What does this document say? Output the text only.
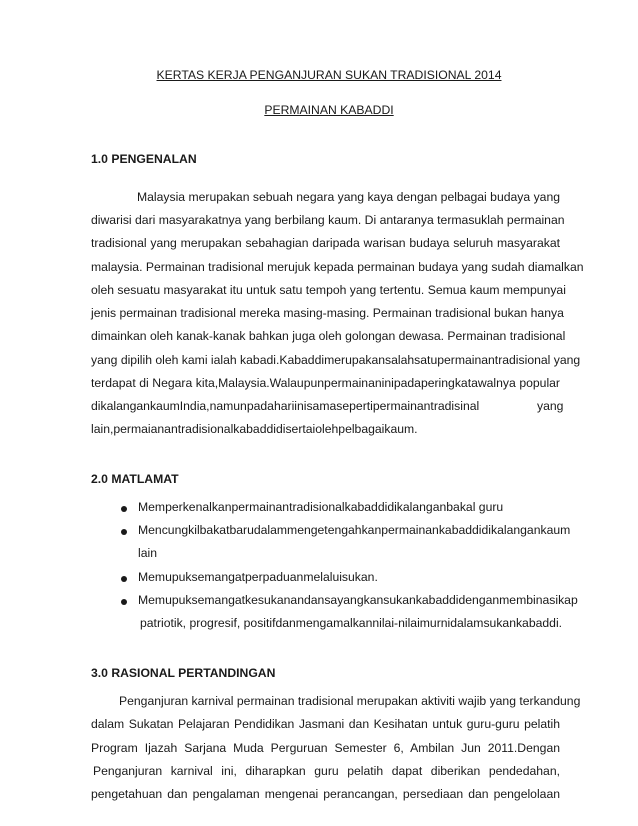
KERTAS KERJA PENGANJURAN SUKAN TRADISIONAL 2014
PERMAINAN KABADDI
1.0 PENGENALAN
Malaysia merupakan sebuah negara yang kaya dengan pelbagai budaya yang
diwarisi dari masyarakatnya yang berbilang kaum. Di antaranya termasuklah permainan
tradisional yang merupakan sebahagian daripada warisan budaya seluruh masyarakat
malaysia. Permainan tradisional merujuk kepada permainan budaya yang sudah diamalkan
oleh sesuatu masyarakat itu untuk satu tempoh yang tertentu. Semua kaum mempunyai
jenis permainan tradisional mereka masing-masing. Permainan tradisional bukan hanya
dimainkan oleh kanak-kanak bahkan juga oleh golongan dewasa. Permainan tradisional
yang dipilih oleh kami ialah kabadi.Kabaddimerupakansalahsatupermainantradisional yang
terdapat di Negara kita,Malaysia.Walaupunpermainaninipadaperingkatawalnya popular
dikalangankaumIndia,namunpadahariinisamasepertipermainantradisinal	yang
lain,permaianantradisionalkabaddidisertaiolehpelbagaikaum.
2.0 MATLAMAT
Memperkenalkanpermainantradisionalkabaddidikalanganbakal guru
Mencungkilbakatbarudalammengetengahkanpermainankabaddidikalangankaum
lain
Memupuksemangatperpaduanmelaluisukan.
Memupuksemangatkesukanandansayangkansukankabaddidenganmembinasikap
patriotik, progresif, positifdanmengamalkannilai-nilaimurnidalamsukankabaddi.
3.0 RASIONAL PERTANDINGAN
Penganjuran karnival permainan tradisional merupakan aktiviti wajib yang terkandung
dalam Sukatan Pelajaran Pendidikan Jasmani dan Kesihatan untuk guru-guru pelatih
Program Ijazah Sarjana Muda Perguruan Semester 6, Ambilan Jun 2011.Dengan
Penganjuran karnival ini, diharapkan guru pelatih dapat diberikan pendedahan,
pengetahuan dan pengalaman mengenai perancangan, persediaan dan pengelolaan
